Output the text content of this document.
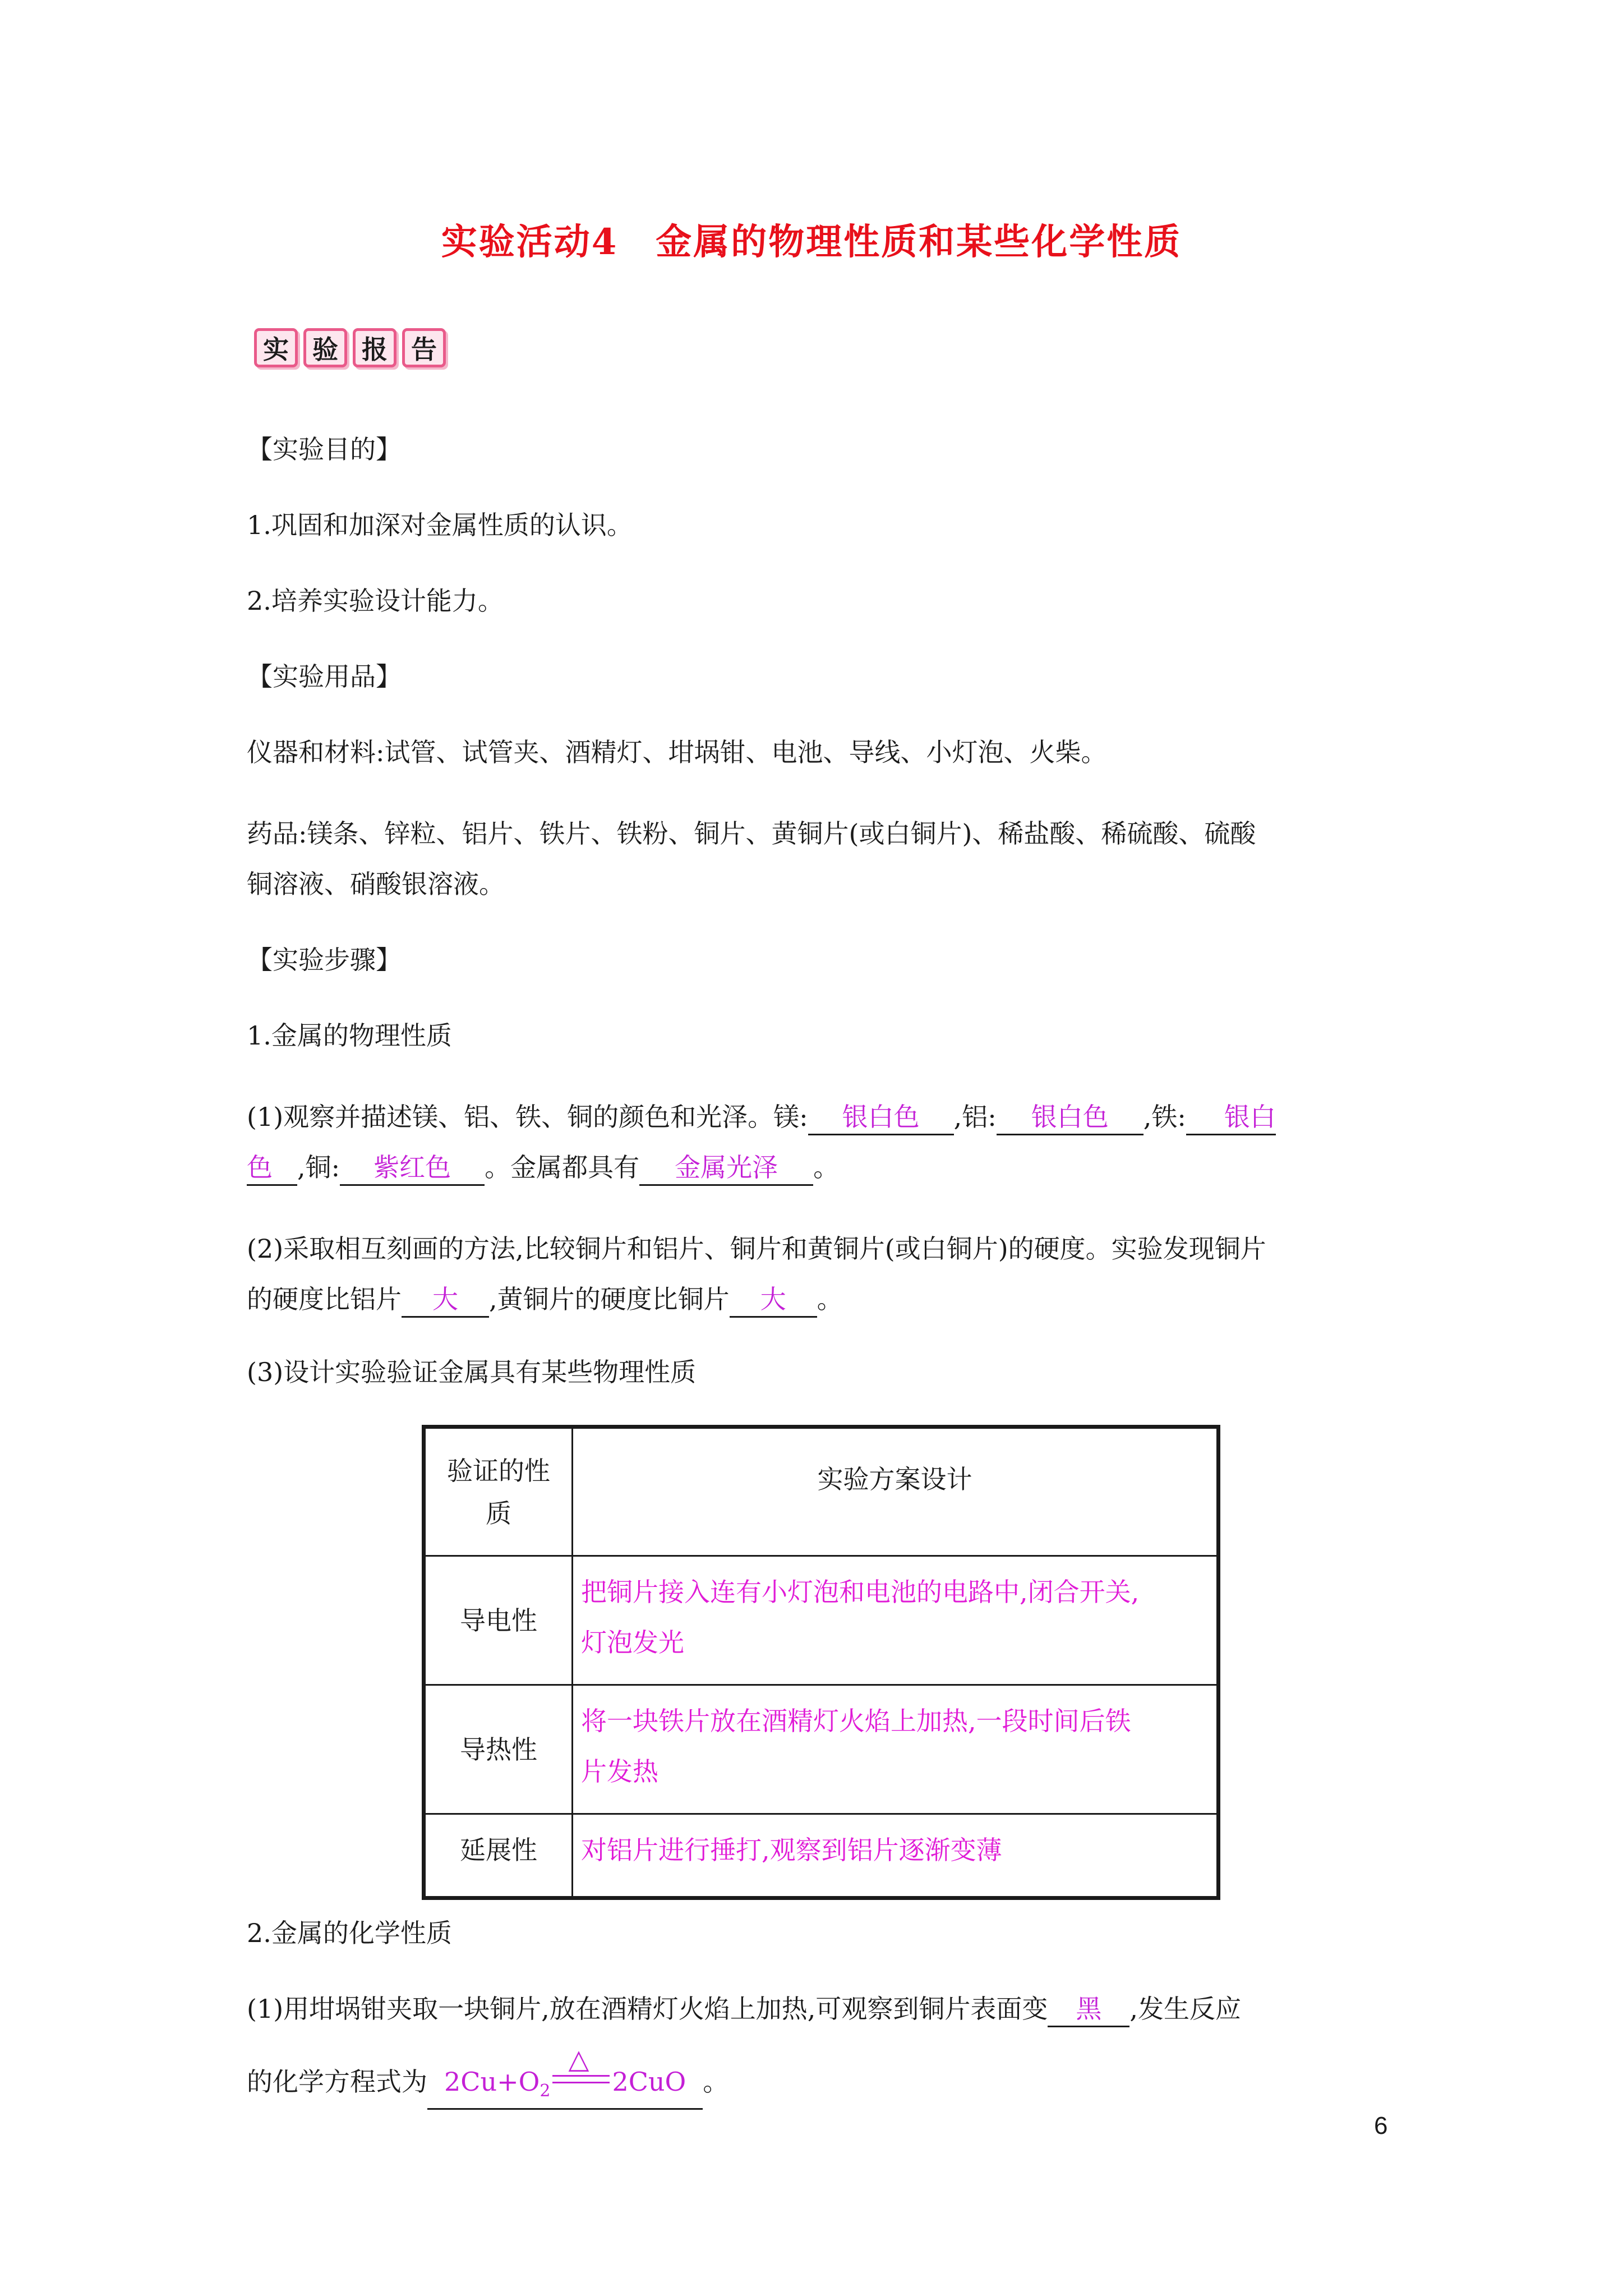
实验活动4　金属的物理性质和某些化学性质
实 验 报 告
【实验目的】
1.巩固和加深对金属性质的认识。
2.培养实验设计能力。
【实验用品】
仪器和材料:试管、试管夹、酒精灯、坩埚钳、电池、导线、小灯泡、火柴。
药品:镁条、锌粒、铝片、铁片、铁粉、铜片、黄铜片(或白铜片)、稀盐酸、稀硫酸、硫酸
铜溶液、硝酸银溶液。
【实验步骤】
1.金属的物理性质
(1)观察并描述镁、铝、铁、铜的颜色和光泽。镁: 银白色 ,铝: 银白色 ,铁: 银白
色 ,铜: 紫红色 。金属都具有 金属光泽 。
(2)采取相互刻画的方法,比较铜片和铝片、铜片和黄铜片(或白铜片)的硬度。实验发现铜片
的硬度比铝片 大 ,黄铜片的硬度比铜片 大 。
(3)设计实验验证金属具有某些物理性质
验证的性
质	实验方案设计
导电性	把铜片接入连有小灯泡和电池的电路中,闭合开关,
灯泡发光
导热性	将一块铁片放在酒精灯火焰上加热,一段时间后铁
片发热
延展性	对铝片进行捶打,观察到铝片逐渐变薄
2.金属的化学性质
(1)用坩埚钳夹取一块铜片,放在酒精灯火焰上加热,可观察到铜片表面变 黑 ,发生反应
的化学方程式为 $2Cu+O_2$
△
2CuO 。
6
